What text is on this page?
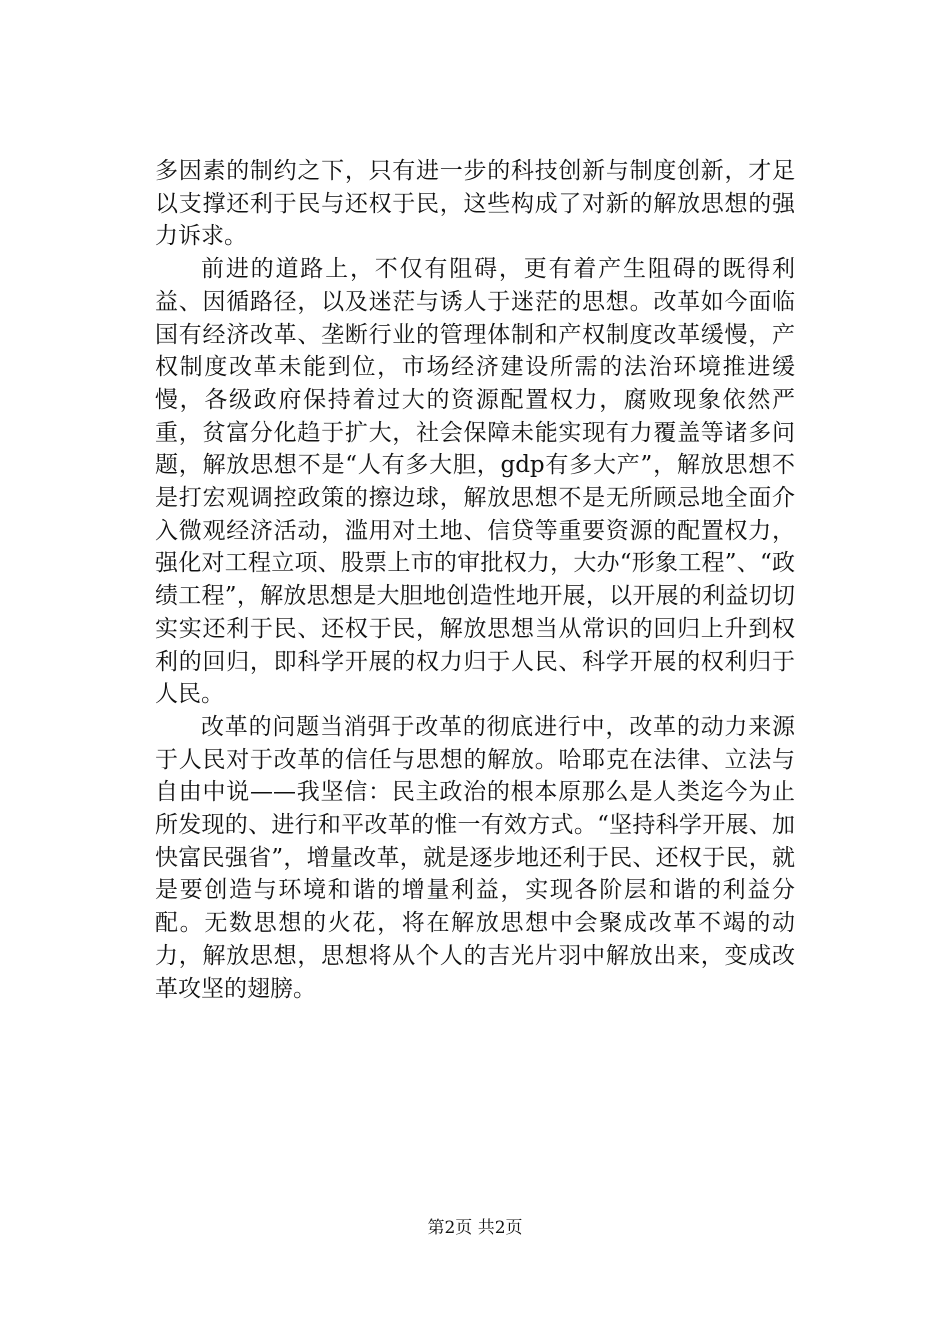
多因素的制约之下，只有进一步的科技创新与制度创新，才足以支撑还利于民与还权于民，这些构成了对新的解放思想的强力诉求。

前进的道路上，不仅有阻碍，更有着产生阻碍的既得利益、因循路径，以及迷茫与诱人于迷茫的思想。改革如今面临国有经济改革、垄断行业的管理体制和产权制度改革缓慢，产权制度改革未能到位，市场经济建设所需的法治环境推进缓慢，各级政府保持着过大的资源配置权力，腐败现象依然严重，贫富分化趋于扩大，社会保障未能实现有力覆盖等诸多问题，解放思想不是“人有多大胆，gdp有多大产”，解放思想不是打宏观调控政策的擦边球，解放思想不是无所顾忌地全面介入微观经济活动，滥用对土地、信贷等重要资源的配置权力，强化对工程立项、股票上市的审批权力，大办“形象工程”、“政绩工程”，解放思想是大胆地创造性地开展，以开展的利益切切实实还利于民、还权于民，解放思想当从常识的回归上升到权利的回归，即科学开展的权力归于人民、科学开展的权利归于人民。

改革的问题当消弭于改革的彻底进行中，改革的动力来源于人民对于改革的信任与思想的解放。哈耶克在法律、立法与自由中说——我坚信：民主政治的根本原那么是人类迄今为止所发现的、进行和平改革的惟一有效方式。“坚持科学开展、加快富民强省”，增量改革，就是逐步地还利于民、还权于民，就是要创造与环境和谐的增量利益，实现各阶层和谐的利益分配。无数思想的火花，将在解放思想中会聚成改革不竭的动力，解放思想，思想将从个人的吉光片羽中解放出来，变成改革攻坚的翅膀。

第2页 共2页
